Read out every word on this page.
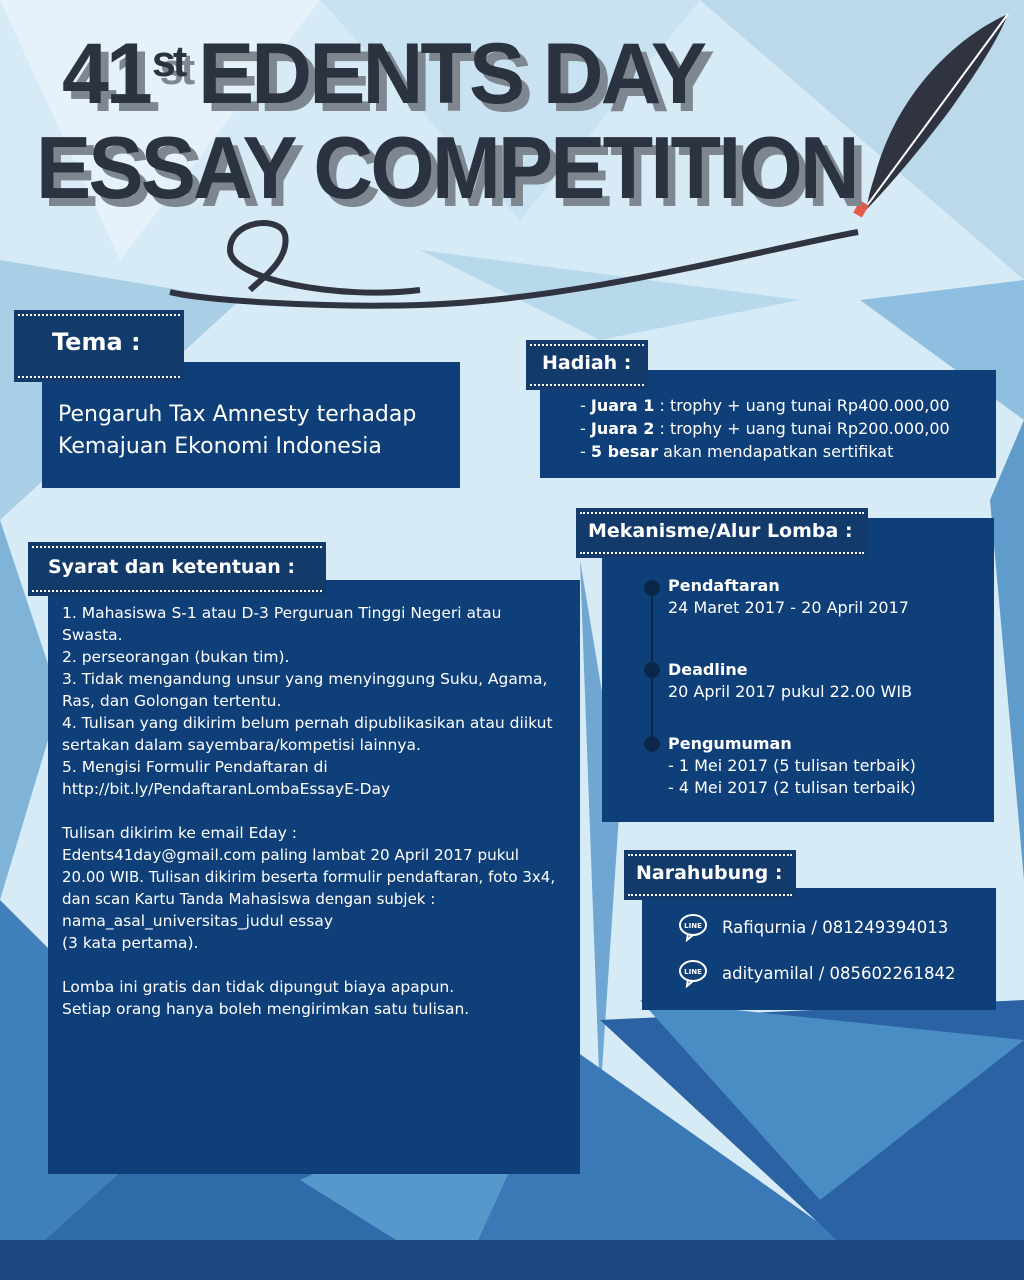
41st EDENTS DAY
ESSAY COMPETITION
Tema :
Pengaruh Tax Amnesty terhadap
Kemajuan Ekonomi Indonesia
Hadiah :
- Juara 1 : trophy + uang tunai Rp400.000,00
- Juara 2 : trophy + uang tunai Rp200.000,00
- 5 besar akan mendapatkan sertifikat
Mekanisme/Alur Lomba :
Pendaftaran
24 Maret 2017 - 20 April 2017
Deadline
20 April 2017 pukul 22.00 WIB
Pengumuman
- 1 Mei 2017 (5 tulisan terbaik)
- 4 Mei 2017 (2 tulisan terbaik)
Syarat dan ketentuan :
1. Mahasiswa S-1 atau D-3 Perguruan Tinggi Negeri atau
Swasta.
2. perseorangan (bukan tim).
3. Tidak mengandung unsur yang menyinggung Suku, Agama,
Ras, dan Golongan tertentu.
4. Tulisan yang dikirim belum pernah dipublikasikan atau diikut
sertakan dalam sayembara/kompetisi lainnya.
5. Mengisi Formulir Pendaftaran di
http://bit.ly/PendaftaranLombaEssayE-Day
Tulisan dikirim ke email Eday :
Edents41day@gmail.com paling lambat 20 April 2017 pukul
20.00 WIB. Tulisan dikirim beserta formulir pendaftaran, foto 3x4,
dan scan Kartu Tanda Mahasiswa dengan subjek :
nama_asal_universitas_judul essay
(3 kata pertama).
Lomba ini gratis dan tidak dipungut biaya apapun.
Setiap orang hanya boleh mengirimkan satu tulisan.
Narahubung :
LINE Rafiqurnia / 081249394013
LINE adityamilal / 085602261842
